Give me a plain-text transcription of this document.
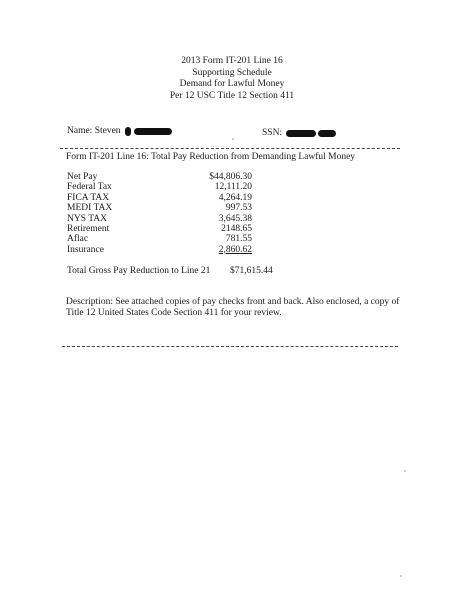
2013 Form IT-201 Line 16
Supporting Schedule
Demand for Lawful Money
Per 12 USC Title 12 Section 411
Name: Steven	SSN:
Form IT-201 Line 16: Total Pay Reduction from Demanding Lawful Money
Net Pay	$44,806.30
Federal Tax	12,111.20
FICA TAX	4,264.19
MEDI TAX	997.53
NYS TAX	3,645.38
Retirement	2148.65
Aflac	781.55
Insurance	2,860.62
Total Gross Pay Reduction to Line 21	$71,615.44
Description: See attached copies of pay checks front and back. Also enclosed, a copy of Title 12 United States Code Section 411 for your review.
